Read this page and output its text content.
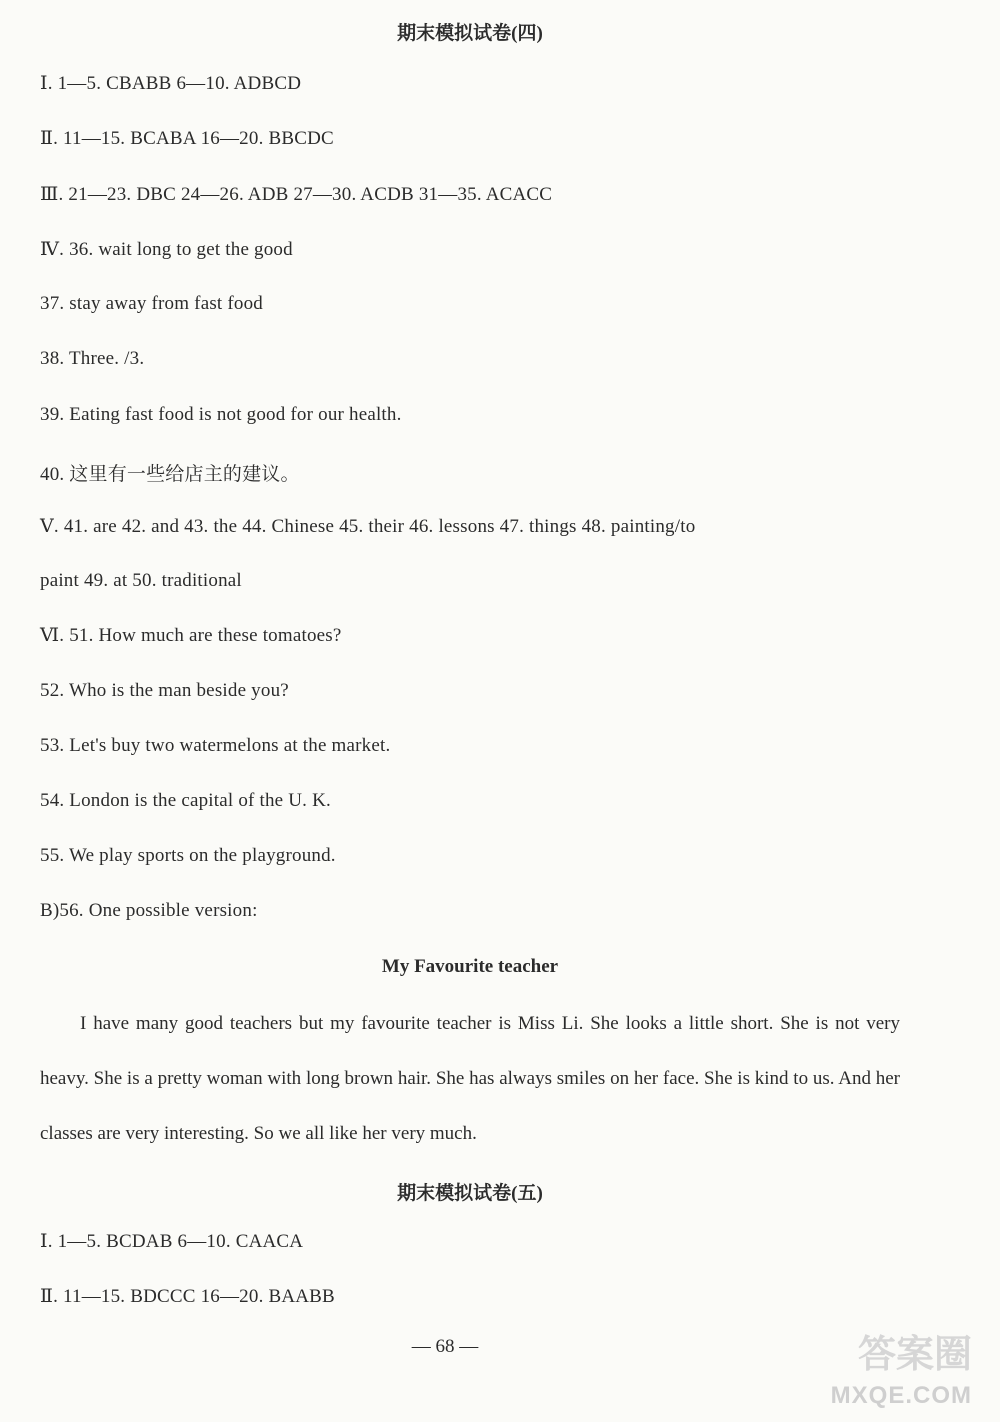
期末模拟试卷(四)
Ⅰ. 1—5. CBABB 6—10. ADBCD
Ⅱ. 11—15. BCABA 16—20. BBCDC
Ⅲ. 21—23. DBC 24—26. ADB 27—30. ACDB 31—35. ACACC
Ⅳ. 36. wait long to get the good
37. stay away from fast food
38. Three. /3.
39. Eating fast food is not good for our health.
40. 这里有一些给店主的建议。
Ⅴ. 41. are 42. and 43. the 44. Chinese 45. their 46. lessons 47. things 48. painting/to
paint 49. at 50. traditional
Ⅵ. 51. How much are these tomatoes?
52. Who is the man beside you?
53. Let's buy two watermelons at the market.
54. London is the capital of the U. K.
55. We play sports on the playground.
B)56. One possible version:
My Favourite teacher
I have many good teachers but my favourite teacher is Miss Li. She looks a little short. She is not very heavy. She is a pretty woman with long brown hair. She has always smiles on her face. She is kind to us. And her classes are very interesting. So we all like her very much.
期末模拟试卷(五)
Ⅰ. 1—5. BCDAB 6—10. CAACA
Ⅱ. 11—15. BDCCC 16—20. BAABB
— 68 —	答案圈
MXQE.COM
